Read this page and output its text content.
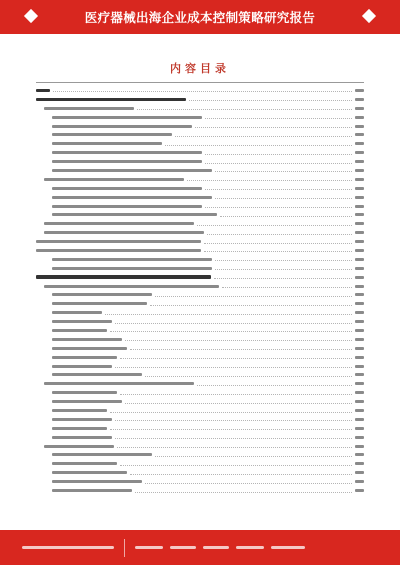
医疗器械出海企业成本控制策略研究报告
内容目录
